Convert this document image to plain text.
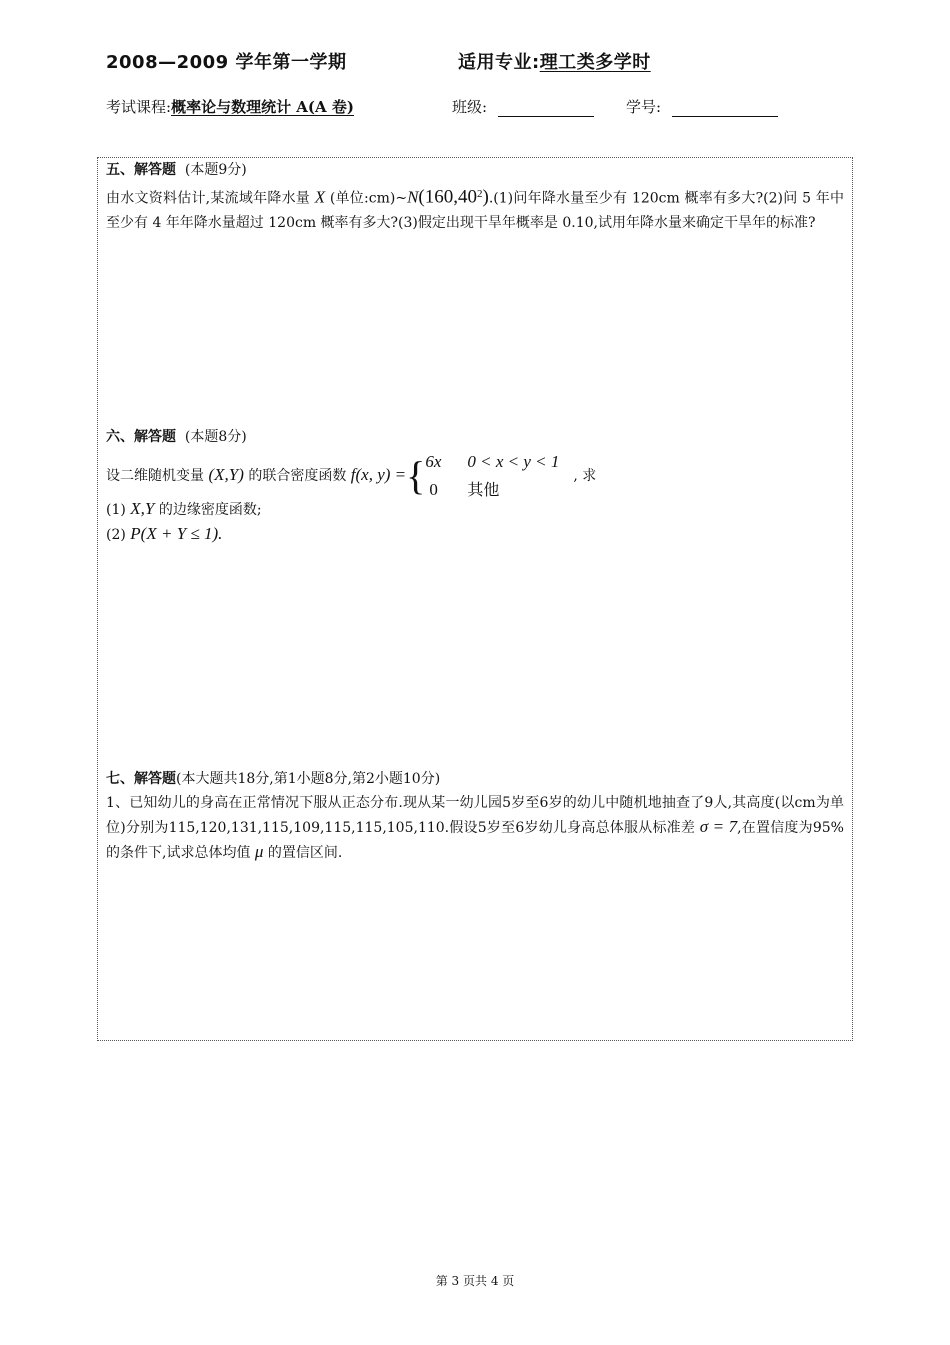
2008—2009 学年第一学期	适用专业:理工类多学时
考试课程:概率论与数理统计 A(A 卷)	班级:	学号:
五、解答题 (本题9分)
由水文资料估计,某流域年降水量 X (单位:cm)~N(160,40$^2$).(1)问年降水量至少有 120cm 概率有多大?(2)问 5 年中至少有 4 年年降水量超过 120cm 概率有多大?(3)假定出现干旱年概率是 0.10,试用年降水量来确定干旱年的标准?
六、解答题 (本题8分)
设二维随机变量 (X,Y) 的联合密度函数 f(x, y) ={ 6x 0 < x < y < 1
0 其他
, 求
(1) X,Y 的边缘密度函数;
(2) P(X + Y ≤ 1).
七、解答题(本大题共18分,第1小题8分,第2小题10分)
1、已知幼儿的身高在正常情况下服从正态分布.现从某一幼儿园5岁至6岁的幼儿中随机地抽查了9人,其高度(以cm为单位)分别为115,120,131,115,109,115,115,105,110.假设5岁至6岁幼儿身高总体服从标准差 σ = 7,在置信度为95%的条件下,试求总体均值 μ 的置信区间.
第 3 页共 4 页
